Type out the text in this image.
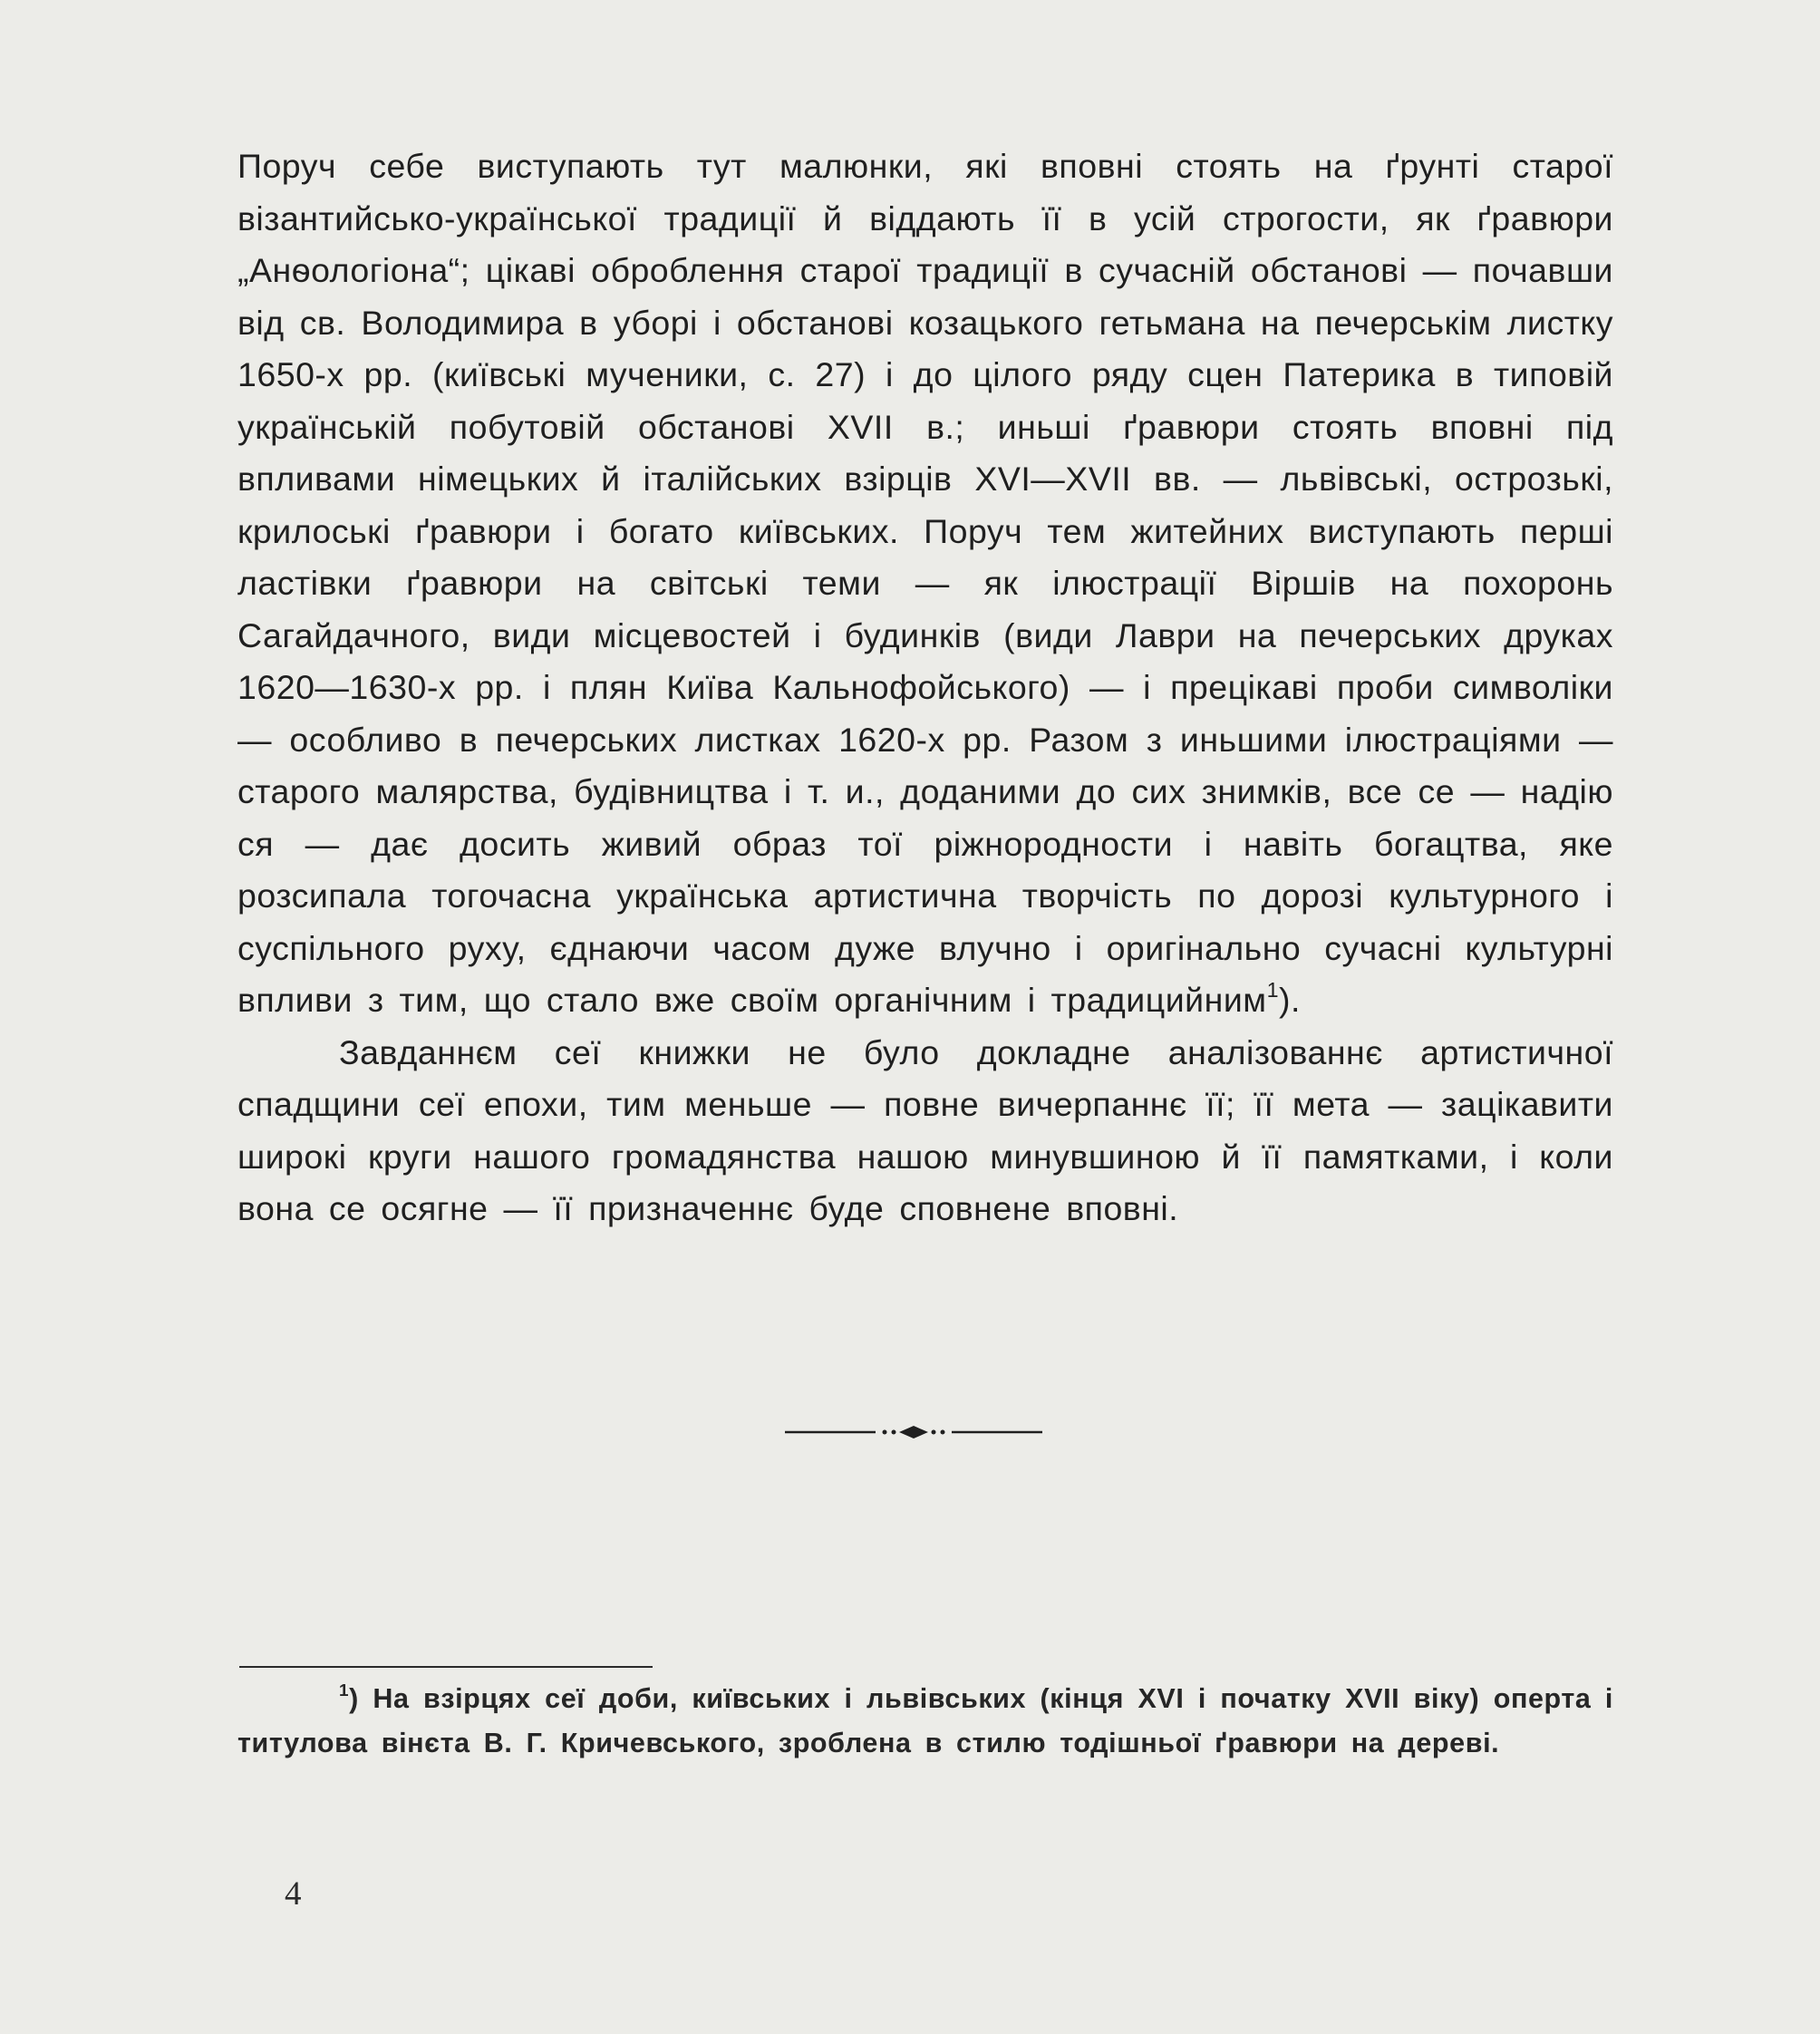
Поруч себе виступають тут малюнки, які вповні стоять на ґрунті старої візантийсько-української традиції й віддають її в усій строгости, як ґравюри „Анѳологіона“; цікаві оброблення старої традиції в сучасній обстанові — почавши від св. Володимира в уборі і обстанові козацького гетьмана на печерськім листку 1650-х рр. (київські мученики, с. 27) і до цілого ряду сцен Патерика в типовій українській побутовій обстанові XVII в.; иньші ґравюри стоять вповні під впливами німецьких й італійських взірців XVI—XVII вв. — львівські, острозькі, крилоські ґравюри і богато київських. Поруч тем житейних виступають перші ластівки ґравюри на світські теми — як ілюстрації Віршів на похоронь Сагайдачного, види місцевостей і будинків (види Лаври на печерських друках 1620—1630-х рр. і плян Київа Кальнофойського) — і прецікаві проби символіки — особливо в печерських листках 1620-х рр. Разом з иньшими ілюстраціями — старого малярства, будівництва і т. и., доданими до сих знимків, все се — надію ся — дає досить живий образ тої ріжнородности і навіть богацтва, яке розсипала тогочасна українська артистична творчість по дорозі культурного і суспільного руху, єднаючи часом дуже влучно і оригінально сучасні культурні впливи з тим, що стало вже своїм органічним і традицийним$^1$).

Завданнєм сеї книжки не було докладне аналізованнє артистичної спадщини сеї епохи, тим меньше — повне вичерпаннє її; її мета — зацікавити широкі круги нашого громадянства нашою минувшиною й її памятками, і коли вона се осягне — її призначеннє буде сповнене вповні.

$^1$) На взірцях сеї доби, київських і львівських (кінця XVI і початку XVII віку) оперта і титулова вінєта В. Г. Кричевського, зроблена в стилю тодішньої ґравюри на дереві.

4
